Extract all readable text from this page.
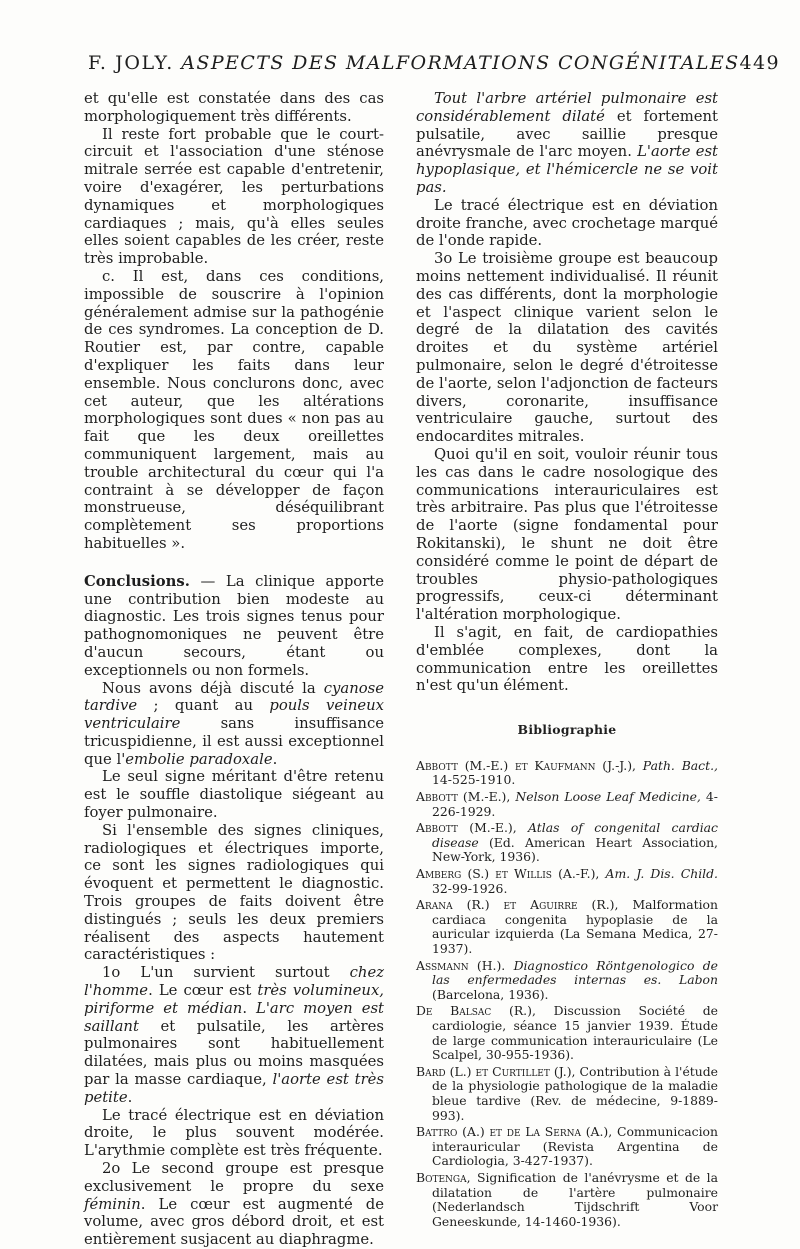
F. JOLY. ASPECTS DES MALFORMATIONS CONGÉNITALES 449

et qu'elle est constatée dans des cas morphologiquement très différents.

Il reste fort probable que le court-circuit et l'association d'une sténose mitrale serrée est capable d'entretenir, voire d'exagérer, les perturbations dynamiques et morphologiques cardiaques ; mais, qu'à elles seules elles soient capables de les créer, reste très improbable.

c. Il est, dans ces conditions, impossible de souscrire à l'opinion généralement admise sur la pathogénie de ces syndromes. La conception de D. Routier est, par contre, capable d'expliquer les faits dans leur ensemble. Nous conclurons donc, avec cet auteur, que les altérations morphologiques sont dues « non pas au fait que les deux oreillettes communiquent largement, mais au trouble architectural du cœur qui l'a contraint à se développer de façon monstrueuse, déséquilibrant complètement ses proportions habituelles ».

Conclusions. — La clinique apporte une contribution bien modeste au diagnostic. Les trois signes tenus pour pathognomoniques ne peuvent être d'aucun secours, étant ou exceptionnels ou non formels.

Nous avons déjà discuté la cyanose tardive ; quant au pouls veineux ventriculaire sans insuffisance tricuspidienne, il est aussi exceptionnel que l'embolie paradoxale.

Le seul signe méritant d'être retenu est le souffle diastolique siégeant au foyer pulmonaire.

Si l'ensemble des signes cliniques, radiologiques et électriques importe, ce sont les signes radiologiques qui évoquent et permettent le diagnostic. Trois groupes de faits doivent être distingués ; seuls les deux premiers réalisent des aspects hautement caractéristiques :

1o L'un survient surtout chez l'homme. Le cœur est très volumineux, piriforme et médian. L'arc moyen est saillant et pulsatile, les artères pulmonaires sont habituellement dilatées, mais plus ou moins masquées par la masse cardiaque, l'aorte est très petite.

Le tracé électrique est en déviation droite, le plus souvent modérée. L'arythmie complète est très fréquente.

2o Le second groupe est presque exclusivement le propre du sexe féminin. Le cœur est augmenté de volume, avec gros débord droit, et est entièrement susjacent au diaphragme.

Tout l'arbre artériel pulmonaire est considérablement dilaté et fortement pulsatile, avec saillie presque anévrysmale de l'arc moyen. L'aorte est hypoplasique, et l'hémicercle ne se voit pas.

Le tracé électrique est en déviation droite franche, avec crochetage marqué de l'onde rapide.

3o Le troisième groupe est beaucoup moins nettement individualisé. Il réunit des cas différents, dont la morphologie et l'aspect clinique varient selon le degré de la dilatation des cavités droites et du système artériel pulmonaire, selon le degré d'étroitesse de l'aorte, selon l'adjonction de facteurs divers, coronarite, insuffisance ventriculaire gauche, surtout des endocardites mitrales.

Quoi qu'il en soit, vouloir réunir tous les cas dans le cadre nosologique des communications interauriculaires est très arbitraire. Pas plus que l'étroitesse de l'aorte (signe fondamental pour Rokitanski), le shunt ne doit être considéré comme le point de départ de troubles physio-pathologiques progressifs, ceux-ci déterminant l'altération morphologique.

Il s'agit, en fait, de cardiopathies d'emblée complexes, dont la communication entre les oreillettes n'est qu'un élément.

Bibliographie

Abbott (M.-E.) et Kaufmann (J.-J.), Path. Bact., 14-525-1910.

Abbott (M.-E.), Nelson Loose Leaf Medicine, 4-226-1929.

Abbott (M.-E.), Atlas of congenital cardiac disease (Ed. American Heart Association, New-York, 1936).

Amberg (S.) et Willis (A.-F.), Am. J. Dis. Child. 32-99-1926.

Arana (R.) et Aguirre (R.), Malformation cardiaca congenita hypoplasie de la auricular izquierda (La Semana Medica, 27-1937).

Assmann (H.). Diagnostico Röntgenologico de las enfermedades internas es. Labon (Barcelona, 1936).

De Balsac (R.), Discussion Société de cardiologie, séance 15 janvier 1939. Étude de large communication interauriculaire (Le Scalpel, 30-955-1936).

Bard (L.) et Curtillet (J.), Contribution à l'étude de la physiologie pathologique de la maladie bleue tardive (Rev. de médecine, 9-1889-993).

Battro (A.) et de La Serna (A.), Communicacion interauricular (Revista Argentina de Cardiologia, 3-427-1937).

Botenga, Signification de l'anévrysme et de la dilatation de l'artère pulmonaire (Nederlandsch Tijdschrift Voor Geneeskunde, 14-1460-1936).
